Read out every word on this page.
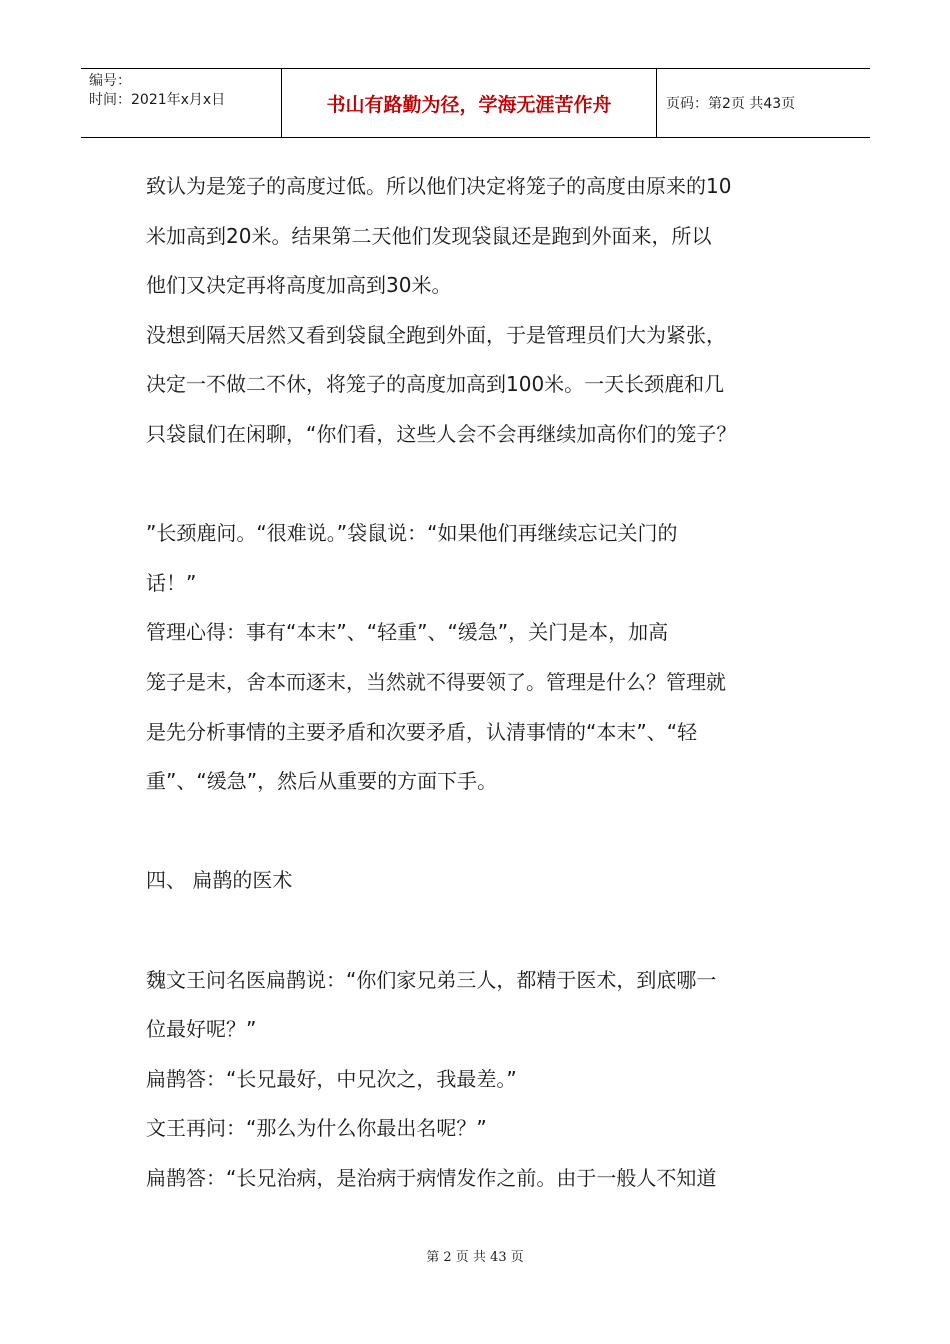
编号：
时间：2021年x月x日	书山有路勤为径，学海无涯苦作舟	页码：第2页 共43页
致认为是笼子的高度过低。所以他们决定将笼子的高度由原来的10
米加高到20米。结果第二天他们发现袋鼠还是跑到外面来，所以
他们又决定再将高度加高到30米。
没想到隔天居然又看到袋鼠全跑到外面，于是管理员们大为紧张，
决定一不做二不休，将笼子的高度加高到100米。一天长颈鹿和几
只袋鼠们在闲聊，“你们看，这些人会不会再继续加高你们的笼子？
”长颈鹿问。“很难说。”袋鼠说：“如果他们再继续忘记关门的
话！”
管理心得：事有“本末”、“轻重”、“缓急”，关门是本，加高
笼子是末，舍本而逐末，当然就不得要领了。管理是什么？管理就
是先分析事情的主要矛盾和次要矛盾，认清事情的“本末”、“轻
重”、“缓急”，然后从重要的方面下手。
四、 扁鹊的医术
魏文王问名医扁鹊说：“你们家兄弟三人，都精于医术，到底哪一
位最好呢？”
扁鹊答：“长兄最好，中兄次之，我最差。”
文王再问：“那么为什么你最出名呢？”
扁鹊答：“长兄治病，是治病于病情发作之前。由于一般人不知道
第 2 页 共 43 页
